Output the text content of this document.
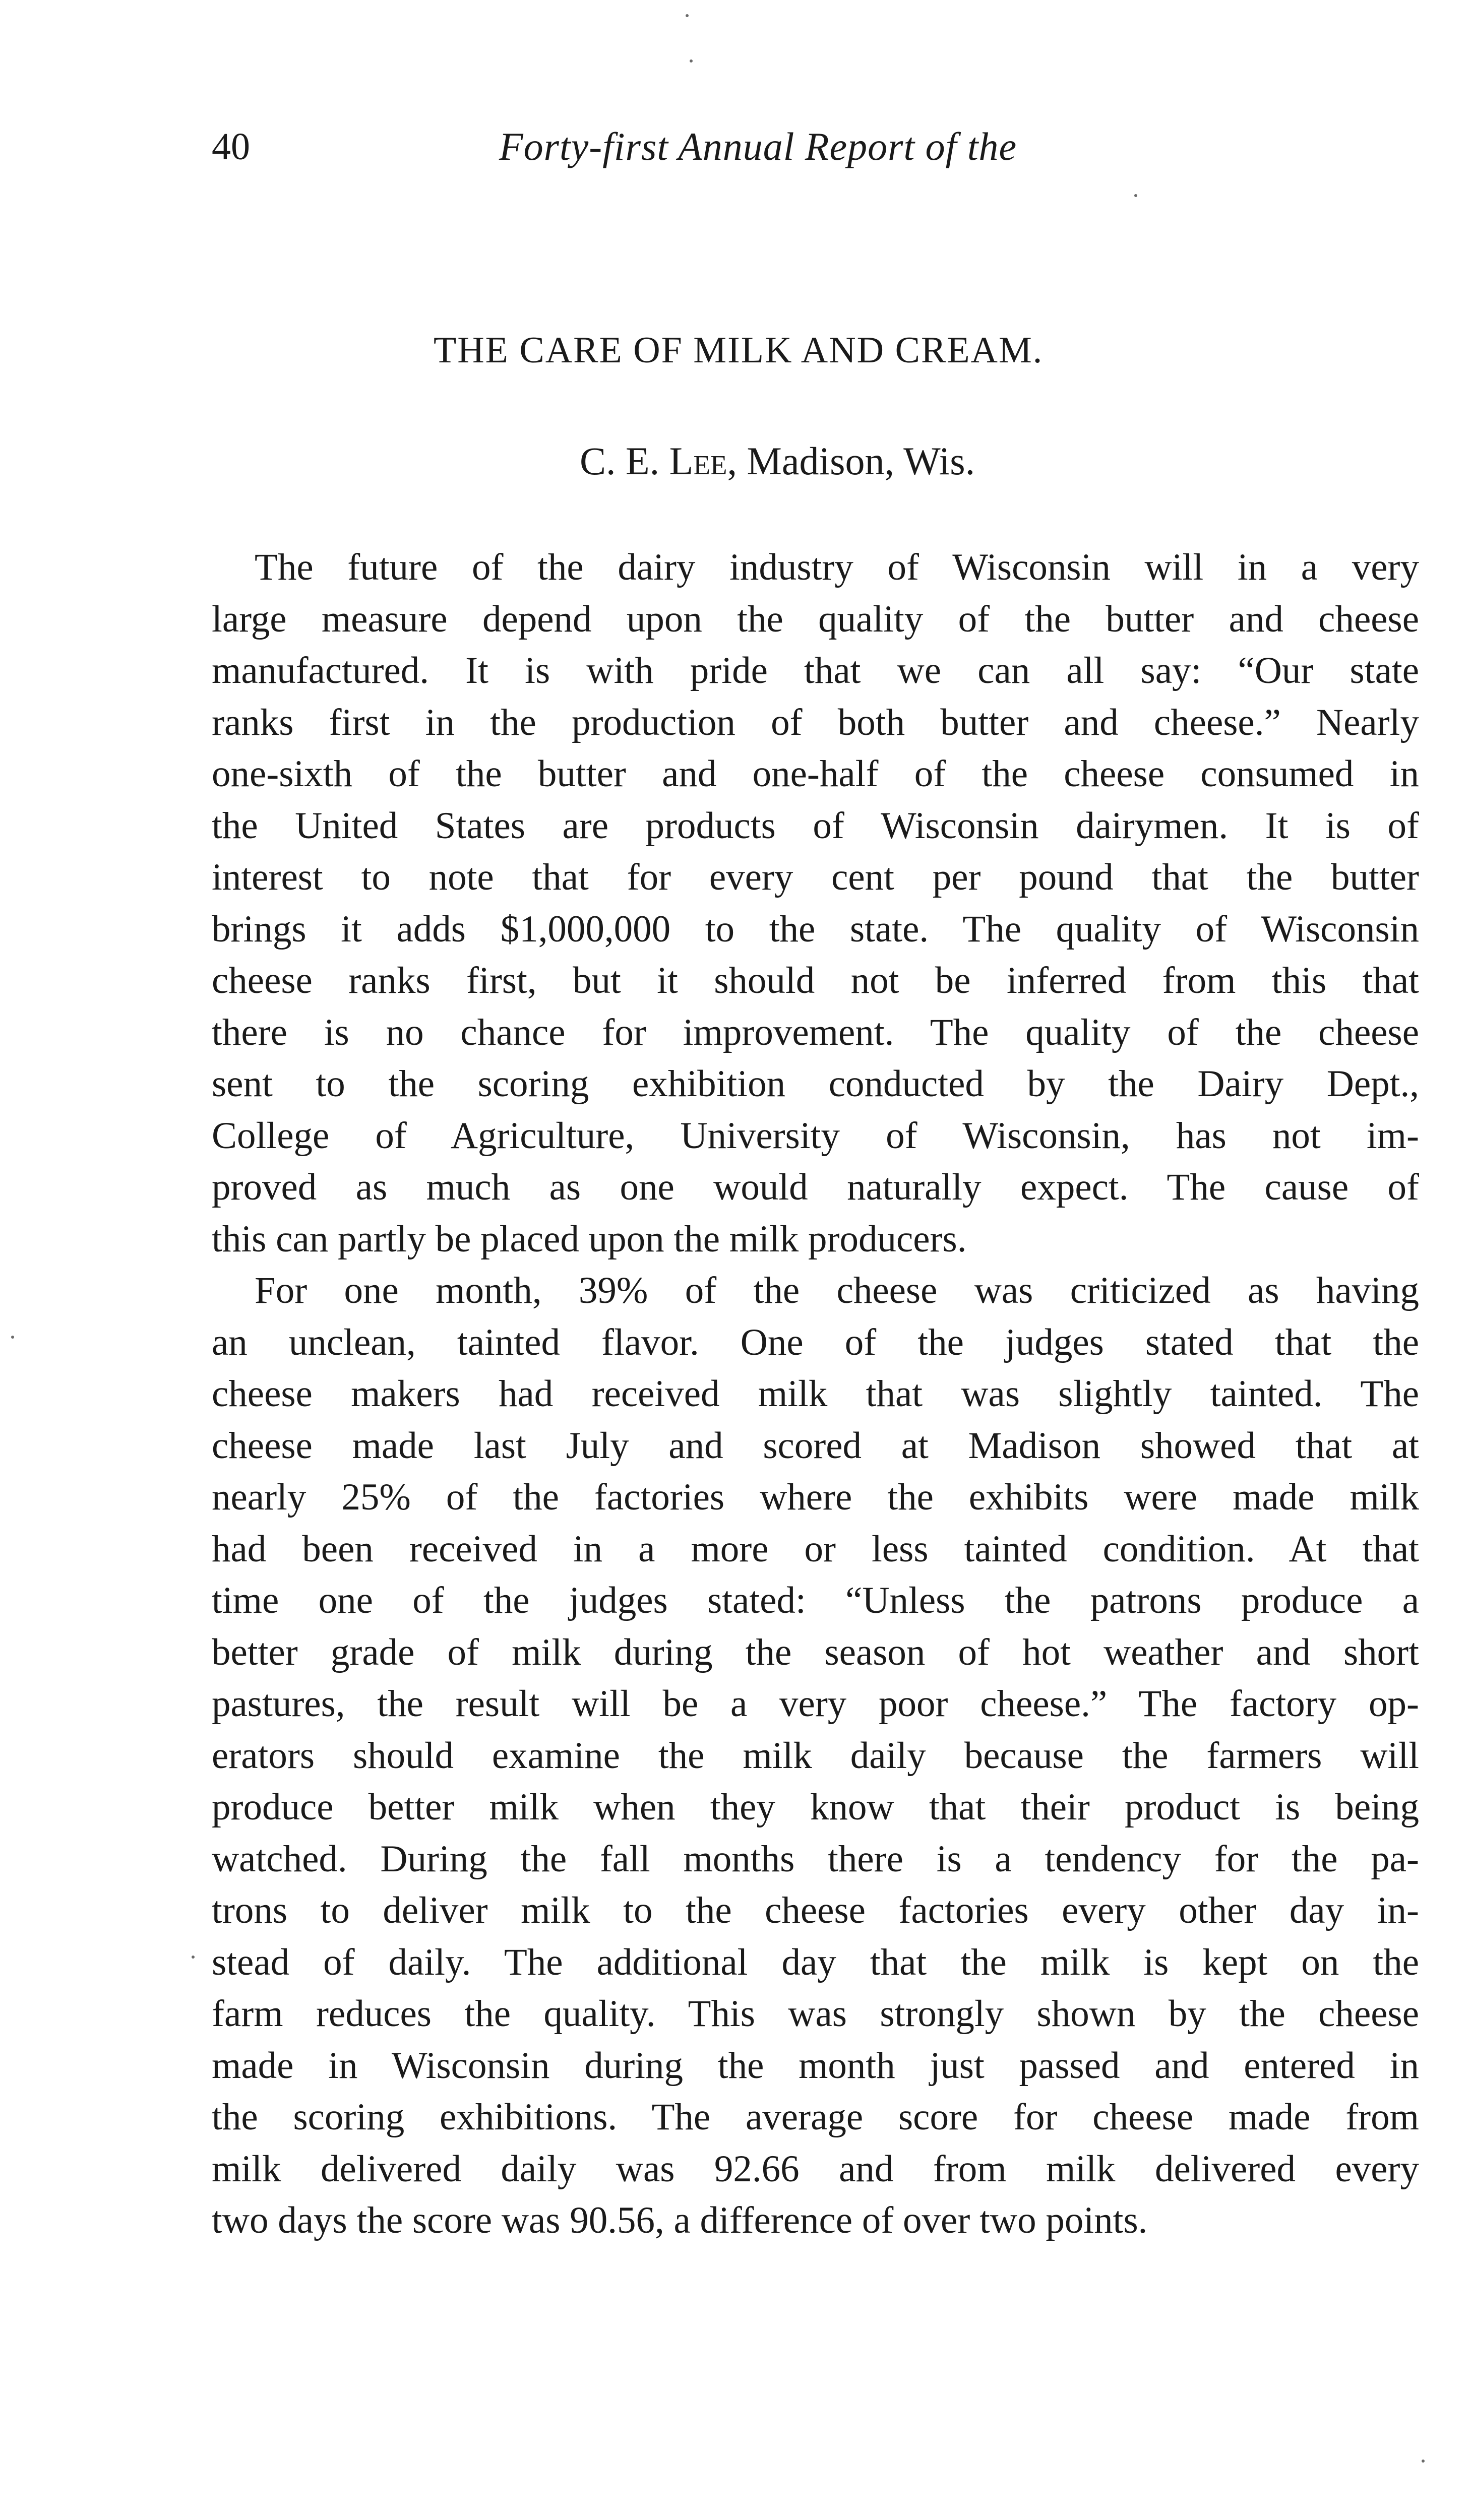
40	Forty-first Annual Report of the
THE CARE OF MILK AND CREAM.
C. E. Lee, Madison, Wis.
The future of the dairy industry of Wisconsin will in a very
large measure depend upon the quality of the butter and cheese
manufactured. It is with pride that we can all say: “Our state
ranks first in the production of both butter and cheese.” Nearly
one-sixth of the butter and one-half of the cheese consumed in
the United States are products of Wisconsin dairymen. It is of
interest to note that for every cent per pound that the butter
brings it adds $1,000,000 to the state. The quality of Wisconsin
cheese ranks first, but it should not be inferred from this that
there is no chance for improvement. The quality of the cheese
sent to the scoring exhibition conducted by the Dairy Dept.,
College of Agriculture, University of Wisconsin, has not im-
proved as much as one would naturally expect. The cause of
this can partly be placed upon the milk producers.
For one month, 39% of the cheese was criticized as having
an unclean, tainted flavor. One of the judges stated that the
cheese makers had received milk that was slightly tainted. The
cheese made last July and scored at Madison showed that at
nearly 25% of the factories where the exhibits were made milk
had been received in a more or less tainted condition. At that
time one of the judges stated: “Unless the patrons produce a
better grade of milk during the season of hot weather and short
pastures, the result will be a very poor cheese.” The factory op-
erators should examine the milk daily because the farmers will
produce better milk when they know that their product is being
watched. During the fall months there is a tendency for the pa-
trons to deliver milk to the cheese factories every other day in-
stead of daily. The additional day that the milk is kept on the
farm reduces the quality. This was strongly shown by the cheese
made in Wisconsin during the month just passed and entered in
the scoring exhibitions. The average score for cheese made from
milk delivered daily was 92.66 and from milk delivered every
two days the score was 90.56, a difference of over two points.
